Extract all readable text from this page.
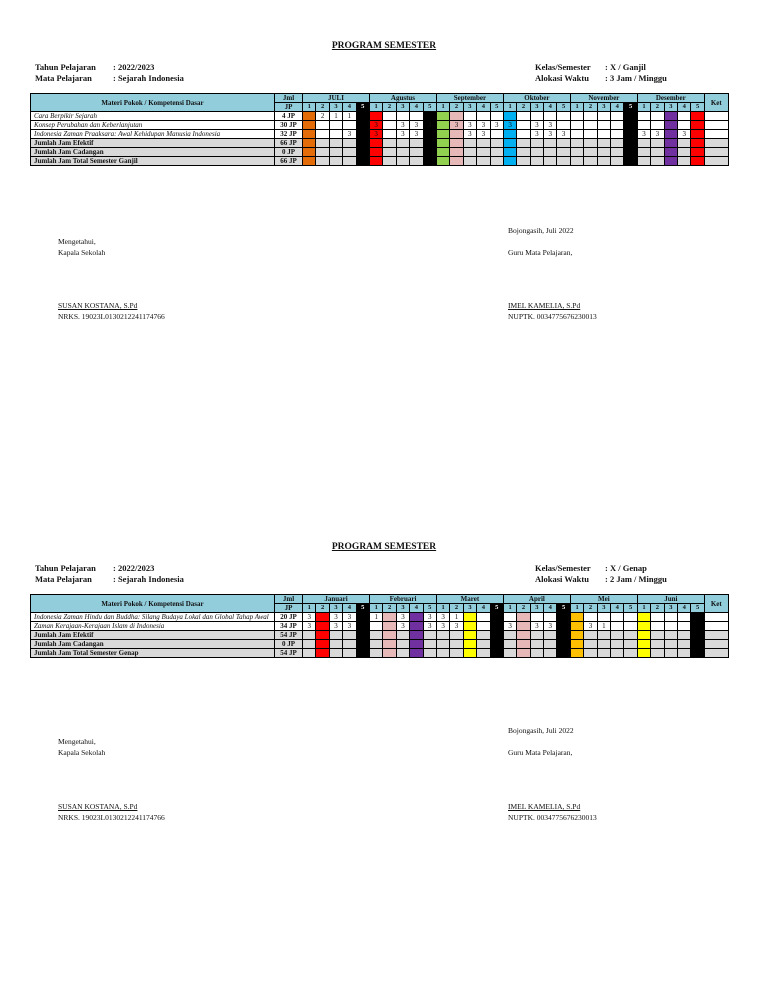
PROGRAM SEMESTER
Tahun Pelajaran : 2022/2023
Mata Pelajaran : Sejarah Indonesia
Kelas/Semester : X / Ganjil
Alokasi Waktu : 3 Jam / Minggu
Materi Pokok / Kompetensi Dasar	Jml	JULI					Agustus					September					Oktober					November					Desember					Ket
	JP	1	2	3	4	5	1	2	3	4	5	1	2	3	4	5	1	2	3	4	5	1	2	3	4	5	1	2	3	4	5	
Cara Berpikir Sejarah	4 JP		2	1	1																											
Konsep Perubahan dan Keberlanjutan	30 JP						3		3	3	3		3	3	3	3	3		3	3												
Indonesia Zaman Praaksara: Awal Kehidupan Manusia Indonesia	32 JP				3		3		3	3				3	3				3	3	3						3	3		3		
Jumlah Jam Efektif	66 JP																															
Jumlah Jam Cadangan	0 JP																															
Jumlah Jam Total Semester Ganjil	66 JP																															
Bojongasih, Juli 2022
Mengetahui,
Kapala Sekolah	Guru Mata Pelajaran,
SUSAN KOSTANA, S.Pd
NRKS. 19023L0130212241174766
IMEL KAMELIA, S.Pd
NUPTK. 0034775676230013
PROGRAM SEMESTER
Tahun Pelajaran : 2022/2023
Mata Pelajaran : Sejarah Indonesia
Kelas/Semester : X / Genap
Alokasi Waktu : 2 Jam / Minggu
Materi Pokok / Kompetensi Dasar	Jml	Januari					Februari					Maret					April					Mei					Juni					Ket
	JP	1	2	3	4	5	1	2	3	4	5	1	2	3	4	5	1	2	3	4	5	1	2	3	4	5	1	2	3	4	5	
Indonesia Zaman Hindu dan Buddha: Silang Budaya Lokal dan Global Tahap Awal	20 JP	3		3	3		1		3		3	3	1																			
Zaman Kerajaan-Kerajaan Islam di Indonesia	34 JP	3		3	3				3		3	3	3				3		3	3			3	1								
Jumlah Jam Efektif	54 JP																															
Jumlah Jam Cadangan	0 JP																															
Jumlah Jam Total Semester Genap	54 JP																															
Bojongasih, Juli 2022
Mengetahui,
Kapala Sekolah	Guru Mata Pelajaran,
SUSAN KOSTANA, S.Pd
NRKS. 19023L0130212241174766
IMEL KAMELIA, S.Pd
NUPTK. 0034775676230013
